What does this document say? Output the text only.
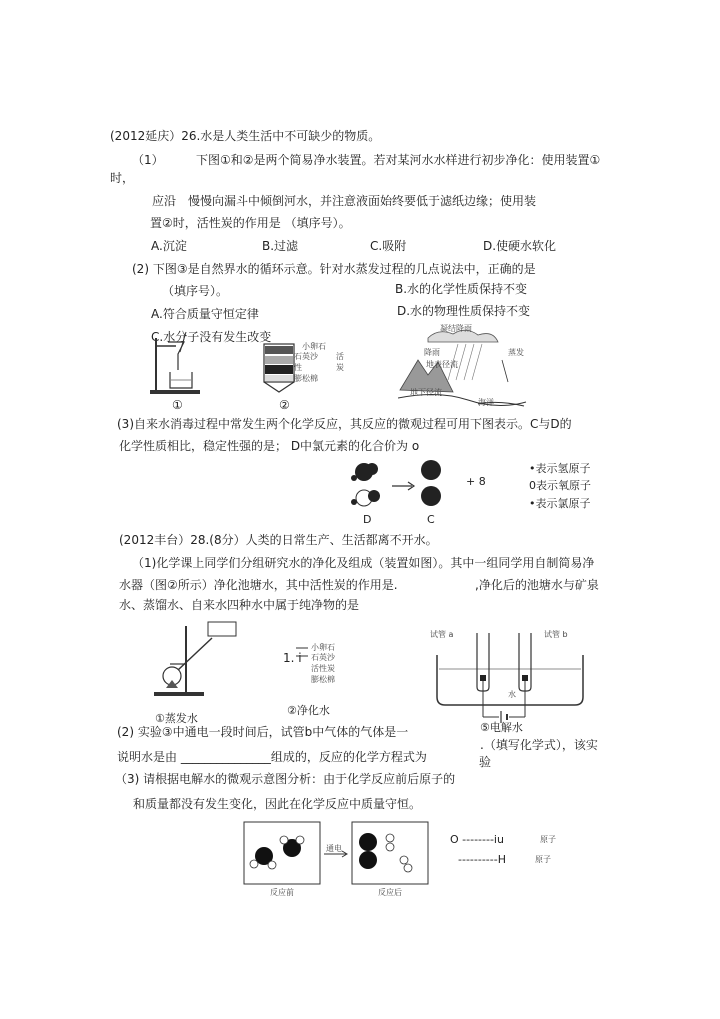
(2012延庆）26.水是人类生活中不可缺少的物质。
（1）	下图①和②是两个简易净水装置。若对某河水水样进行初步净化：使用装置①
时，
应沿 慢慢向漏斗中倾倒河水，并注意液面始终要低于滤纸边缘；使用装
置②时，活性炭的作用是 （填序号）。
A.沉淀	B.过滤	C.吸附	D.使硬水软化
(2) 下图③是自然界水的循环示意。针对水蒸发过程的几点说法中，正确的是
（填序号）。	B.水的化学性质保持不变
A.符合质量守恒定律	D.水的物理性质保持不变
C.水分子没有发生改变
①
小卵石
石英沙 活
性	炭
膨 松棉
②
凝结降雨
降雨	蒸发
地表径流
地下径流
海洋
(3)自来水消毒过程中常发生两个化学反应，其反应的微观过程可用下图表示。C与D的
化学性质相比，稳定性强的是； D中氯元素的化合价为 o
+ 8
•表示氢原子
0表示氧原子
•表示氯原子
D	C
(2012丰台）28.(8分）人类的日常生产、生活都离不开水。
（1)化学课上同学们分组研究水的净化及组成（装置如图）。其中一组同学用自制简易净
水器（图②所示）净化池塘水，其中活性炭的作用是.	,净化后的池塘水与矿泉
水、蒸馏水、自来水四种水中属于纯净物的是
①蒸发水
1. i
小卵石
石英沙
活性炭
膨松棉
②净化水
试管 a	试管 b
水
⑤电解水
(2) 实验③中通电一段时间后，试管b中气体的气体是一
.（填写化学式），该实
说明水是由 _______________组成的，反应的化学方程式为	验
（3) 请根据电解水的微观示意图分析：由于化学反应前后原子的
和质量都没有发生变化，因此在化学反应中质量守恒。
通电
反应前	反应后
O --------iu	原子
----------H	原子
